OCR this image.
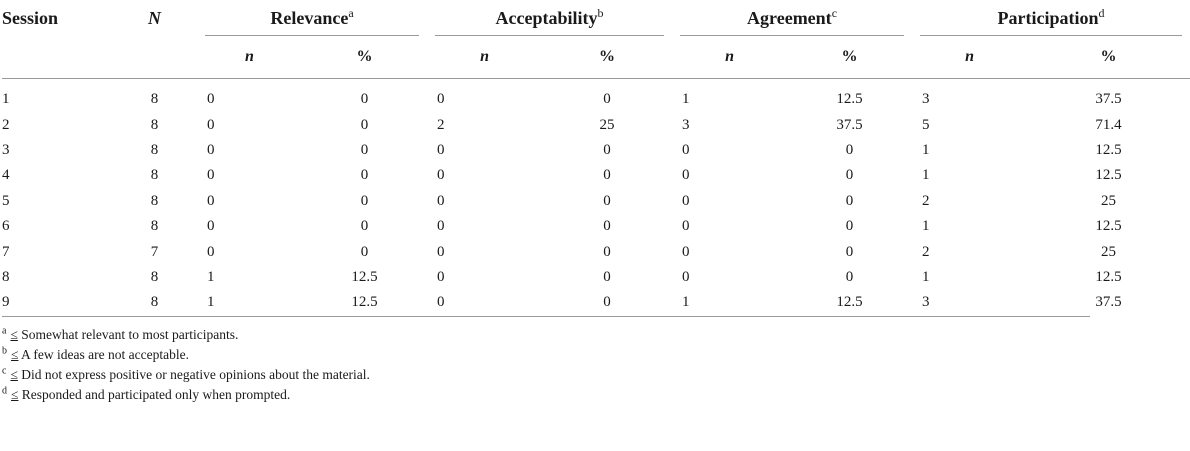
Session	N	Relevance$^a$		Acceptability$^b$		Agreement$^c$		Participation$^d$
		n	%	n	%	n	%	n	%

1	8	0	0	0	0	1	12.5	3	37.5
2	8	0	0	2	25	3	37.5	5	71.4
3	8	0	0	0	0	0	0	1	12.5
4	8	0	0	0	0	0	0	1	12.5
5	8	0	0	0	0	0	0	2	25
6	8	0	0	0	0	0	0	1	12.5
7	7	0	0	0	0	0	0	2	25
8	8	1	12.5	0	0	0	0	1	12.5
9	8	1	12.5	0	0	1	12.5	3	37.5
$^a$ ≤ Somewhat relevant to most participants.
$^b$ ≤ A few ideas are not acceptable.
$^c$ ≤ Did not express positive or negative opinions about the material.
$^d$ ≤ Responded and participated only when prompted.
